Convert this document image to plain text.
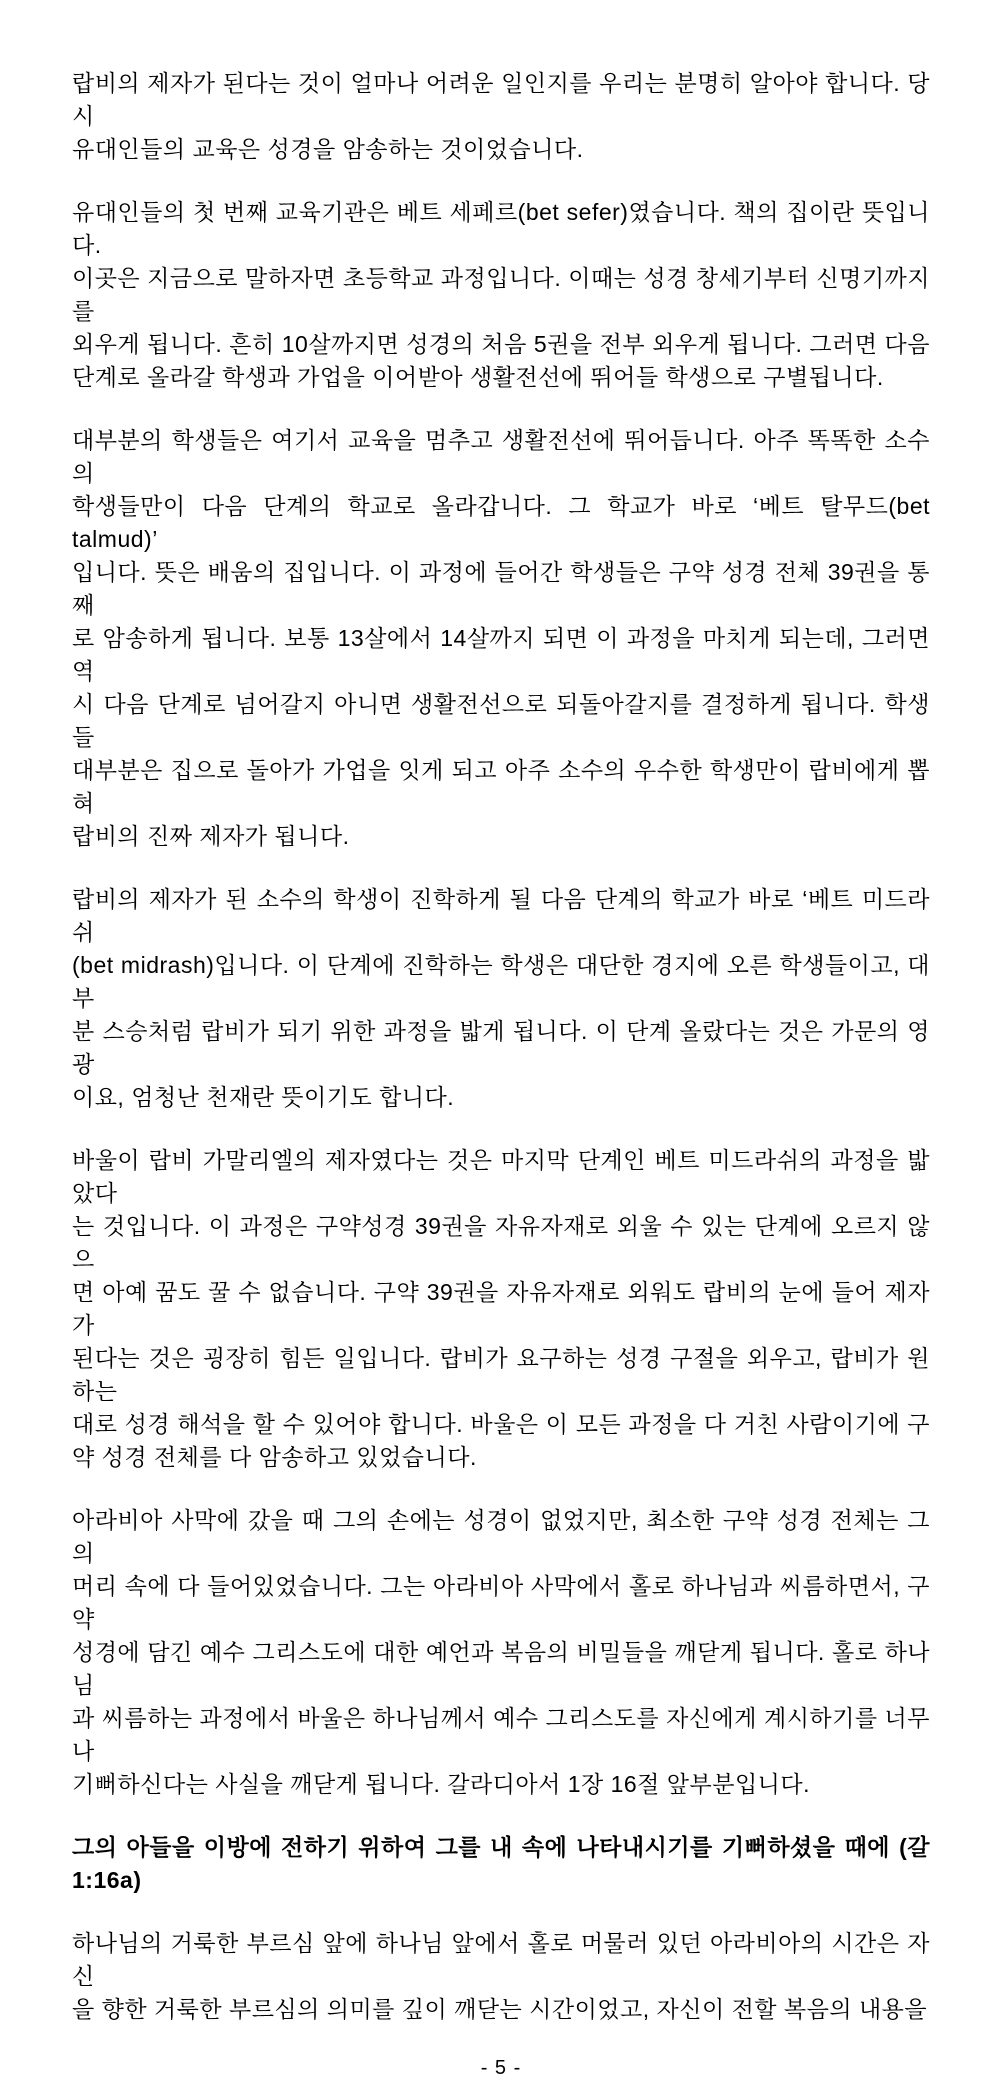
랍비의 제자가 된다는 것이 얼마나 어려운 일인지를 우리는 분명히 알아야 합니다. 당시
유대인들의 교육은 성경을 암송하는 것이었습니다.
유대인들의 첫 번째 교육기관은 베트 세페르(bet sefer)였습니다. 책의 집이란 뜻입니다.
이곳은 지금으로 말하자면 초등학교 과정입니다. 이때는 성경 창세기부터 신명기까지를
외우게 됩니다. 흔히 10살까지면 성경의 처음 5권을 전부 외우게 됩니다. 그러면 다음
단계로 올라갈 학생과 가업을 이어받아 생활전선에 뛰어들 학생으로 구별됩니다.
대부분의 학생들은 여기서 교육을 멈추고 생활전선에 뛰어듭니다. 아주 똑똑한 소수의
학생들만이 다음 단계의 학교로 올라갑니다. 그 학교가 바로 ‘베트 탈무드(bet talmud)’
입니다. 뜻은 배움의 집입니다. 이 과정에 들어간 학생들은 구약 성경 전체 39권을 통째
로 암송하게 됩니다. 보통 13살에서 14살까지 되면 이 과정을 마치게 되는데, 그러면 역
시 다음 단계로 넘어갈지 아니면 생활전선으로 되돌아갈지를 결정하게 됩니다. 학생들
대부분은 집으로 돌아가 가업을 잇게 되고 아주 소수의 우수한 학생만이 랍비에게 뽑혀
랍비의 진짜 제자가 됩니다.
랍비의 제자가 된 소수의 학생이 진학하게 될 다음 단계의 학교가 바로 ‘베트 미드라쉬
(bet midrash)입니다. 이 단계에 진학하는 학생은 대단한 경지에 오른 학생들이고, 대부
분 스승처럼 랍비가 되기 위한 과정을 밟게 됩니다. 이 단계 올랐다는 것은 가문의 영광
이요, 엄청난 천재란 뜻이기도 합니다.
바울이 랍비 가말리엘의 제자였다는 것은 마지막 단계인 베트 미드라쉬의 과정을 밟았다
는 것입니다. 이 과정은 구약성경 39권을 자유자재로 외울 수 있는 단계에 오르지 않으
면 아예 꿈도 꿀 수 없습니다. 구약 39권을 자유자재로 외워도 랍비의 눈에 들어 제자가
된다는 것은 굉장히 힘든 일입니다. 랍비가 요구하는 성경 구절을 외우고, 랍비가 원하는
대로 성경 해석을 할 수 있어야 합니다. 바울은 이 모든 과정을 다 거친 사람이기에 구
약 성경 전체를 다 암송하고 있었습니다.
아라비아 사막에 갔을 때 그의 손에는 성경이 없었지만, 최소한 구약 성경 전체는 그의
머리 속에 다 들어있었습니다. 그는 아라비아 사막에서 홀로 하나님과 씨름하면서, 구약
성경에 담긴 예수 그리스도에 대한 예언과 복음의 비밀들을 깨닫게 됩니다. 홀로 하나님
과 씨름하는 과정에서 바울은 하나님께서 예수 그리스도를 자신에게 계시하기를 너무나
기뻐하신다는 사실을 깨닫게 됩니다. 갈라디아서 1장 16절 앞부분입니다.
그의 아들을 이방에 전하기 위하여 그를 내 속에 나타내시기를 기뻐하셨을 때에 (갈
1:16a)
하나님의 거룩한 부르심 앞에 하나님 앞에서 홀로 머물러 있던 아라비아의 시간은 자신
을 향한 거룩한 부르심의 의미를 깊이 깨닫는 시간이었고, 자신이 전할 복음의 내용을
- 5 -
